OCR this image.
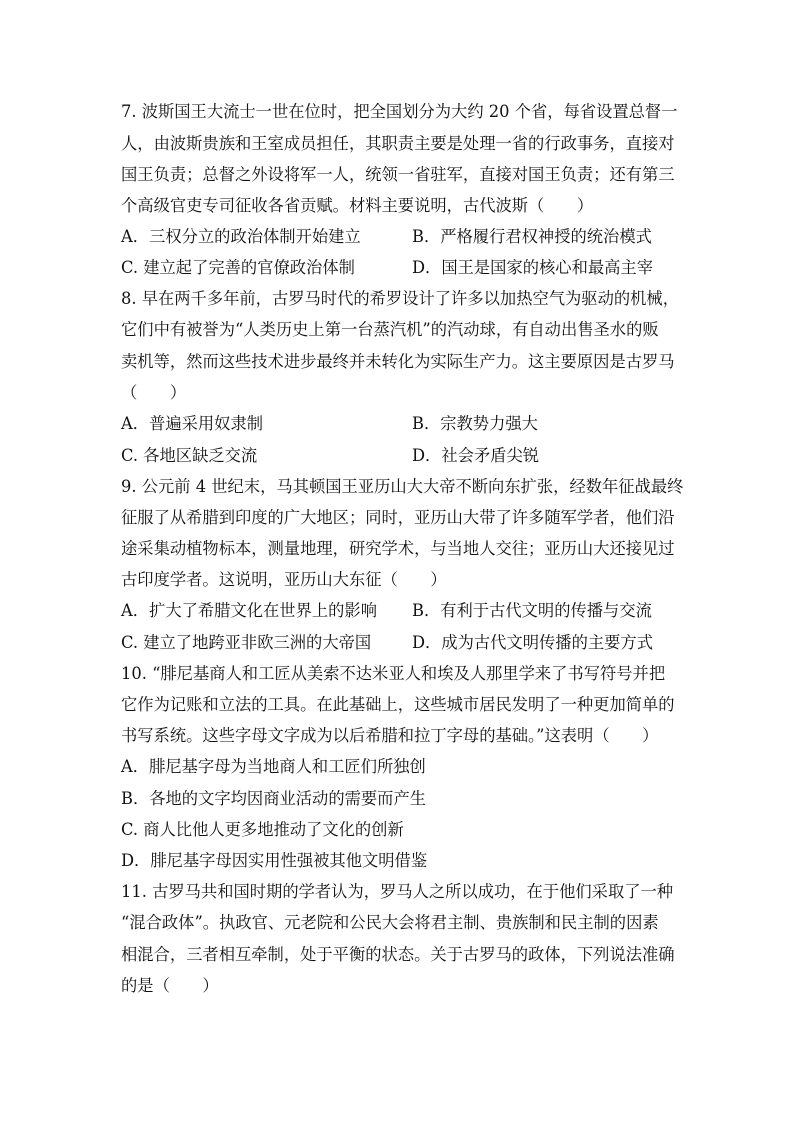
7. 波斯国王大流士一世在位时，把全国划分为大约 20 个省，每省设置总督一
人，由波斯贵族和王室成员担任，其职责主要是处理一省的行政事务，直接对
国王负责；总督之外设将军一人，统领一省驻军，直接对国王负责；还有第三
个高级官吏专司征收各省贡赋。材料主要说明，古代波斯（　　）
A．三权分立的政治体制开始建立	B．严格履行君权神授的统治模式
C. 建立起了完善的官僚政治体制	D．国王是国家的核心和最高主宰
8. 早在两千多年前，古罗马时代的希罗设计了许多以加热空气为驱动的机械，
它们中有被誉为“人类历史上第一台蒸汽机”的汽动球，有自动出售圣水的贩
卖机等，然而这些技术进步最终并未转化为实际生产力。这主要原因是古罗马
（　　）
A．普遍采用奴隶制	B．宗教势力强大
C. 各地区缺乏交流	D．社会矛盾尖锐
9. 公元前 4 世纪末，马其顿国王亚历山大大帝不断向东扩张，经数年征战最终
征服了从希腊到印度的广大地区；同时，亚历山大带了许多随军学者，他们沿
途采集动植物标本，测量地理，研究学术，与当地人交往；亚历山大还接见过
古印度学者。这说明，亚历山大东征（　　）
A．扩大了希腊文化在世界上的影响 B．有利于古代文明的传播与交流
C. 建立了地跨亚非欧三洲的大帝国	D．成为古代文明传播的主要方式
10. “腓尼基商人和工匠从美索不达米亚人和埃及人那里学来了书写符号并把
它作为记账和立法的工具。在此基础上，这些城市居民发明了一种更加简单的
书写系统。这些字母文字成为以后希腊和拉丁字母的基础。”这表明（　　）
A．腓尼基字母为当地商人和工匠们所独创
B．各地的文字均因商业活动的需要而产生
C. 商人比他人更多地推动了文化的创新
D．腓尼基字母因实用性强被其他文明借鉴
11. 古罗马共和国时期的学者认为，罗马人之所以成功，在于他们采取了一种
“混合政体”。执政官、元老院和公民大会将君主制、贵族制和民主制的因素
相混合，三者相互牵制，处于平衡的状态。关于古罗马的政体，下列说法准确
的是（　　）
